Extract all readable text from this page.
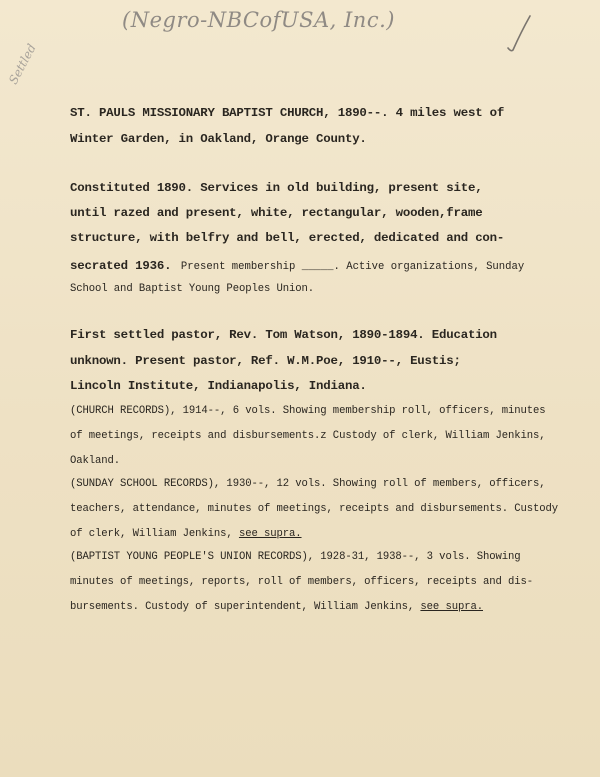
(Negro-NBCofUSA, Inc.)
Settled
ST. PAULS MISSIONARY BAPTIST CHURCH, 1890--. 4 miles west of
Winter Garden, in Oakland, Orange County.
Constituted 1890. Services in old building, present site,
until razed and present, white, rectangular, wooden,frame
structure, with belfry and bell, erected, dedicated and con-
secrated 1936. Present membership _____. Active organizations, Sunday
School and Baptist Young Peoples Union.
First settled pastor, Rev. Tom Watson, 1890-1894. Education
unknown. Present pastor, Ref. W.M.Poe, 1910--, Eustis;
Lincoln Institute, Indianapolis, Indiana.
(CHURCH RECORDS), 1914--, 6 vols. Showing membership roll, officers, minutes
of meetings, receipts and disbursements.z Custody of clerk, William Jenkins,
Oakland.
(SUNDAY SCHOOL RECORDS), 1930--, 12 vols. Showing roll of members, officers,
teachers, attendance, minutes of meetings, receipts and disbursements. Custody
of clerk, William Jenkins, see supra.
(BAPTIST YOUNG PEOPLE'S UNION RECORDS), 1928-31, 1938--, 3 vols. Showing
minutes of meetings, reports, roll of members, officers, receipts and dis-
bursements. Custody of superintendent, William Jenkins, see supra.
